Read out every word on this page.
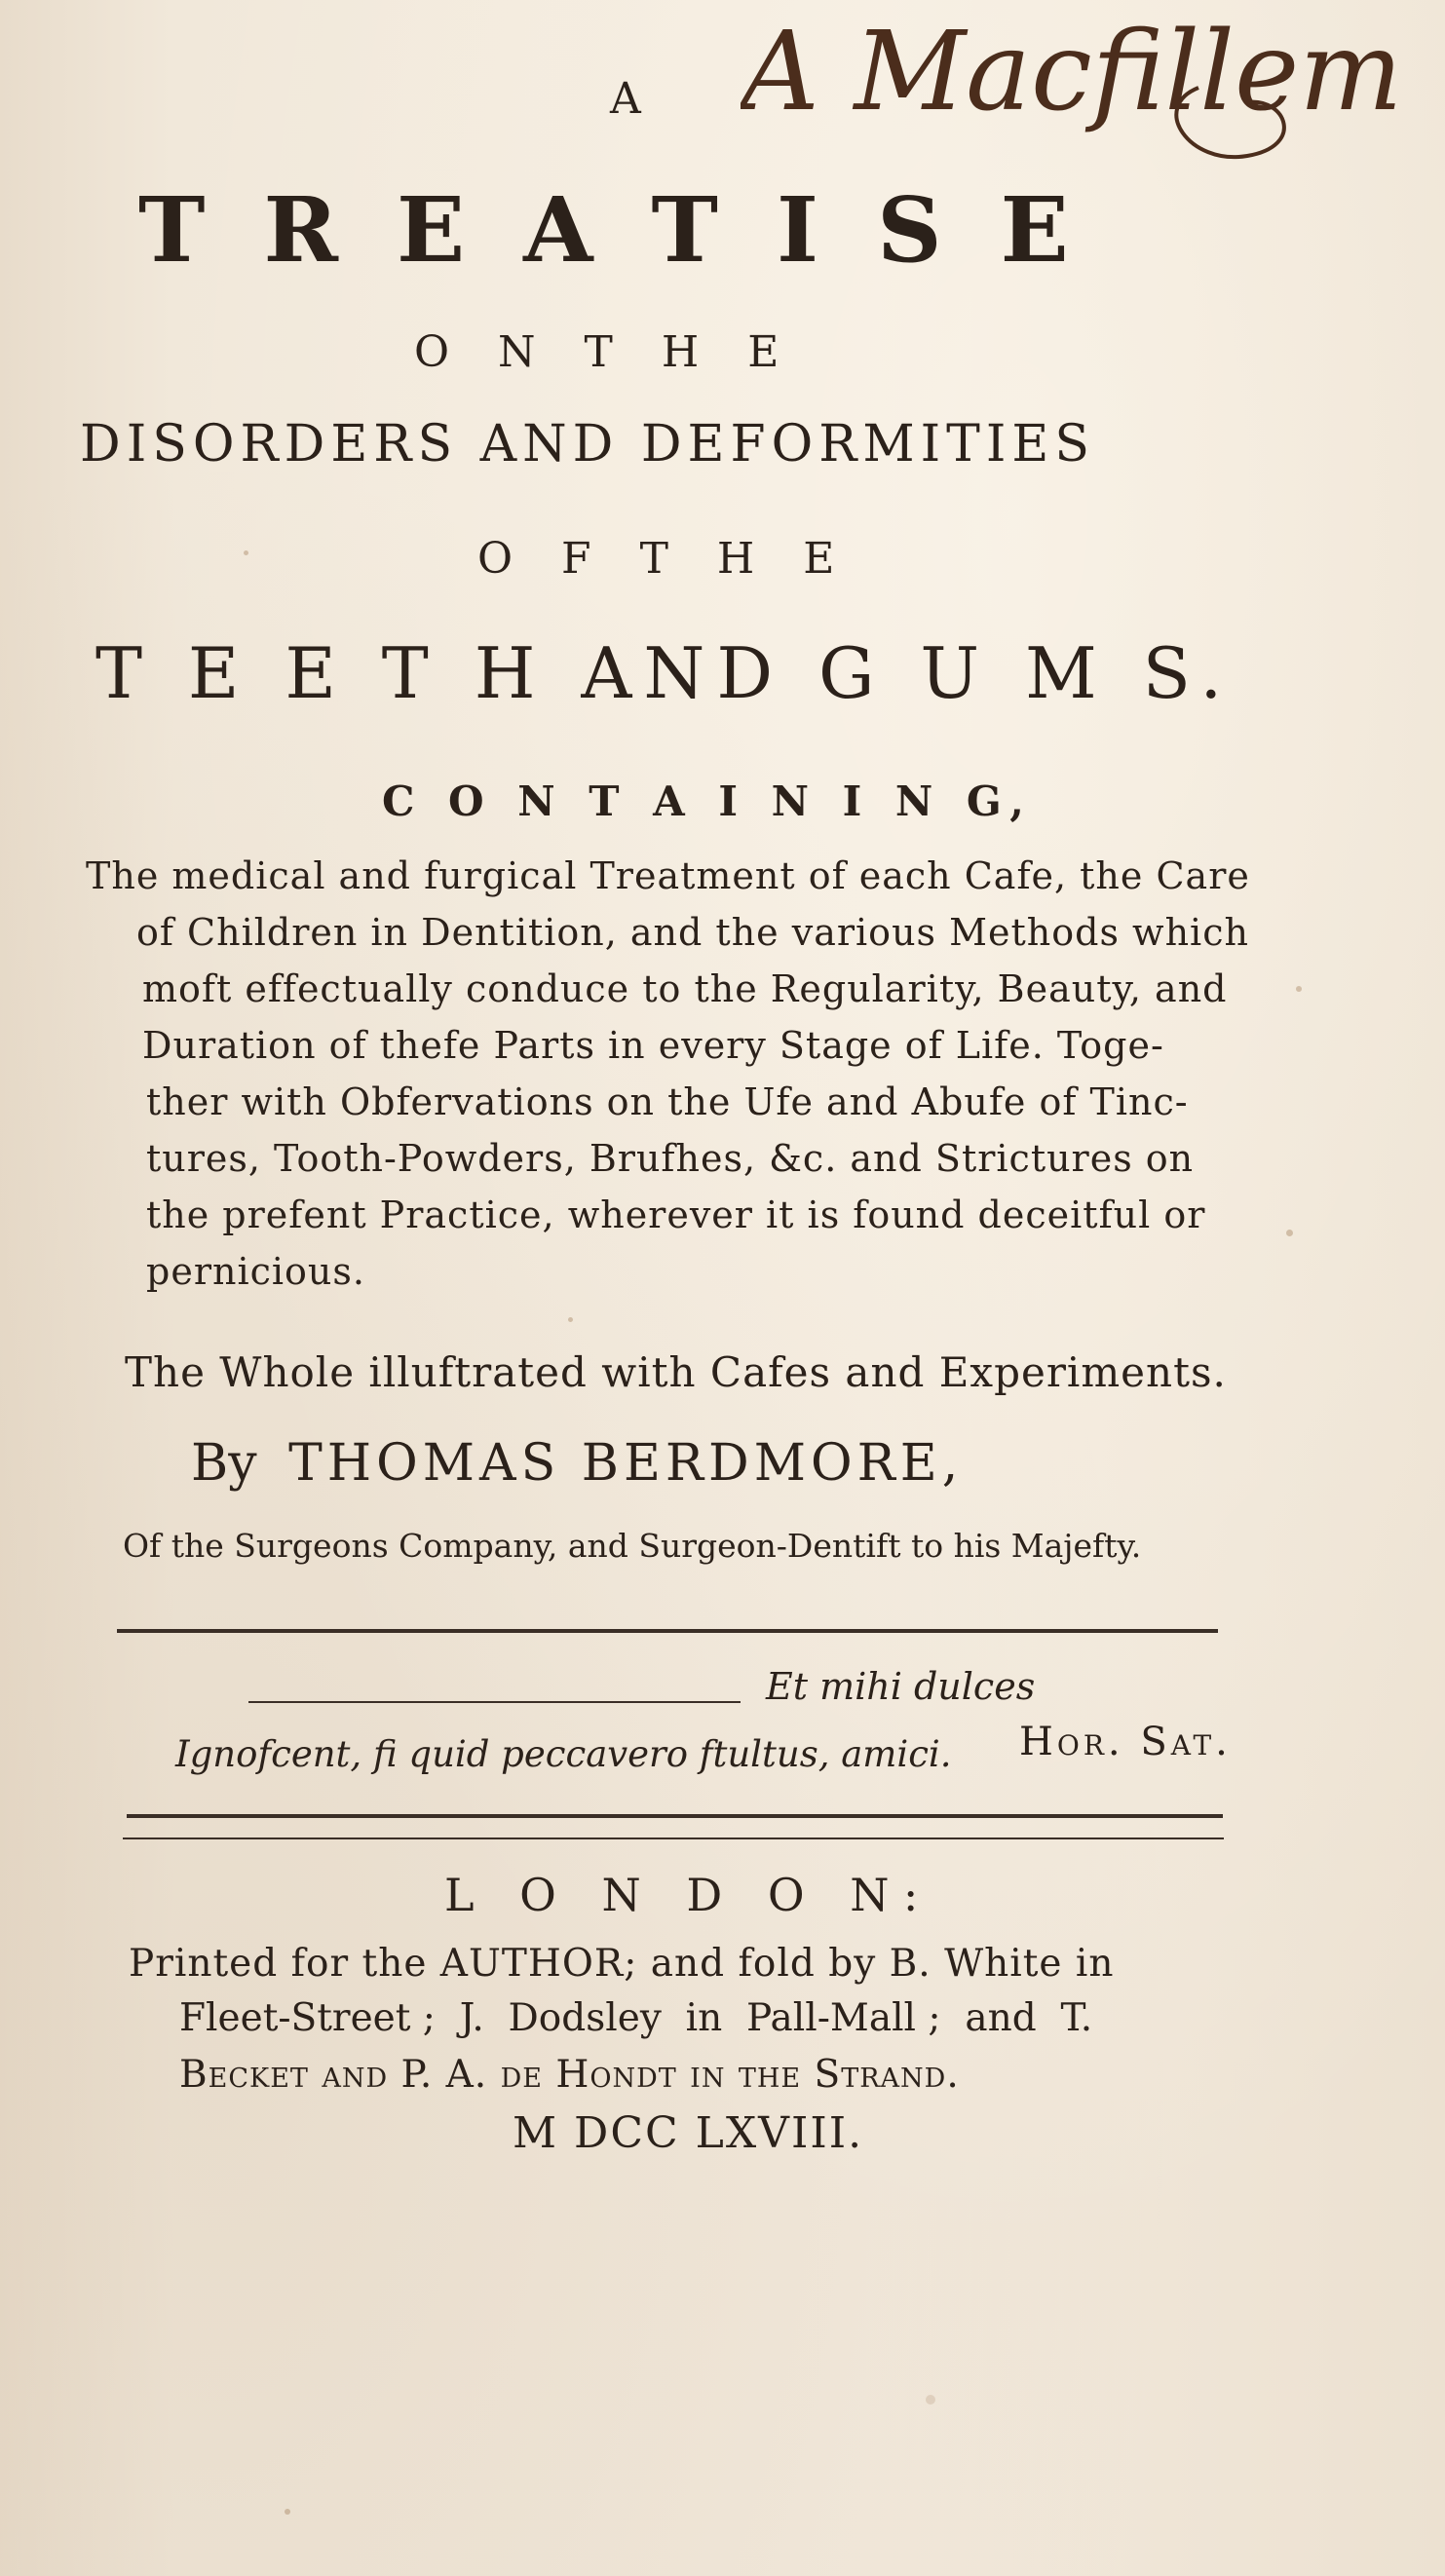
A Macfillem
A
T R E A T I S E
O N T H E
DISORDERS AND DEFORMITIES
O F T H E
T E E T H AND G U M S.
C O N T A I N I N G,
The medical and furgical Treatment of each Cafe, the Care
of Children in Dentition, and the various Methods which
moft effectually conduce to the Regularity, Beauty, and
Duration of thefe Parts in every Stage of Life. Toge-
ther with Obfervations on the Ufe and Abufe of Tinc-
tures, Tooth-Powders, Brufhes, &c. and Strictures on
the prefent Practice, wherever it is found deceitful or
pernicious.
The Whole illuftrated with Cafes and Experiments.
By THOMAS BERDMORE,
Of the Surgeons Company, and Surgeon-Dentift to his Majefty.
Et mihi dulces
Ignofcent, fi quid peccavero ftultus, amici. Hor. Sat.
L O N D O N:
Printed for the AUTHOR; and fold by B. White in
Fleet-Street ;  J.  Dodsley  in  Pall-Mall ;  and  T.
Becket and P. A. de Hondt in the Strand.
M DCC LXVIII.
